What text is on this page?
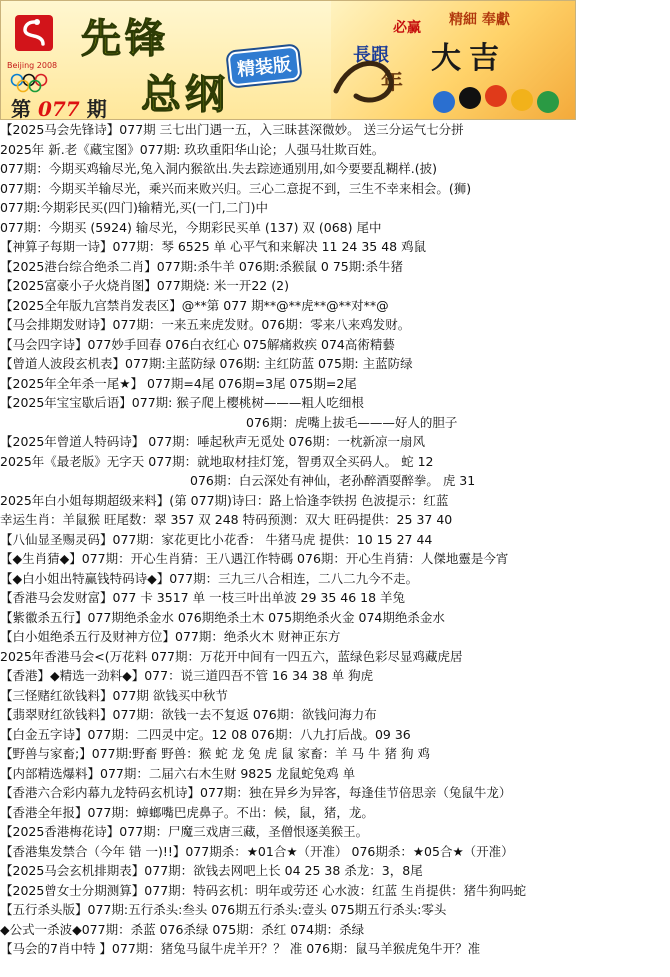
Beijing 2008
先锋
总纲
精装版
第 077 期
必赢 精細 奉獻
長跟 大吉
年
【2025马会先锋诗】077期 三七出门遇一五，入三昧甚深微妙。 送三分运气七分拼
2025年 新.老《藏宝图》077期: 玖玖重阳华山论；人强马壮欺百姓。
077期：今期买鸡输尽光,兔入洞内猴欲出.失去踪迹通别用,如今要要乱糊样.(披)
077期：今期买羊输尽光，乘兴而来败兴归。三心二意捉不到，三生不幸来相会。(狮)
077期:今期彩民买(四门)输精光,买(一门,二门)中
077期：今期买 (5924) 输尽光，今期彩民买单 (137) 双 (068) 尾中
【神算子每期一诗】077期：琴 6525 单 心平气和来解决 11 24 35 48 鸡鼠
【2025港台综合绝杀二肖】077期:杀牛羊 076期:杀猴鼠 0 75期:杀牛猪
【2025富豪小子火烧肖图】077期烧: 米一开22 (2)
【2025全年版九宫禁肖发表区】@**第 077 期**@**虎**@**对**@
【马会排期发财诗】077期：一来五来虎发财。076期：零来八来鸡发财。
【马会四字诗】077妙手回春 076白衣红心 075解痛救疾 074高術精藝
【曾道人波段玄机表】077期:主蓝防绿 076期: 主红防蓝 075期: 主蓝防绿
【2025年全年杀一尾★】 077期=4尾 076期=3尾 075期=2尾
【2025年宝宝歇后语】077期: 猴子爬上樱桃树———粗人吃细根
076期：虎嘴上拔毛———好人的胆子
【2025年曾道人特码诗】 077期：唾起秋声无觅处 076期：一枕新凉一扇风
2025年《最老版》无字天 077期：就地取材挂灯笼，智勇双全买码人。 蛇 12
076期：白云深处有神仙，老孙醉酒耍醉拳。 虎 31
2025年白小姐每期超级来料】(第 077期)诗曰：路上恰逢李铁拐 色波提示：红蓝
幸运生肖：羊鼠猴 旺尾数：翠 357 双 248 特码预测：双大 旺码提供：25 37 40
【八仙显圣赐灵码】077期：家花更比小花香： 牛猪马虎 提供：10 15 27 44
【◆生肖猜◆】077期：开心生肖猜：王八遇江作特碼 076期：开心生肖猜：人傑地靈是今宵
【◆白小姐出特赢钱特码诗◆】077期：三九三八合相连，二八二九今不走。
【香港马会发财富】077 卡 3517 单 一枝三叶出单波 29 35 46 18 羊兔
【紫徽杀五行】077期绝杀金水 076期绝杀土木 075期绝杀火金 074期绝杀金水
【白小姐绝杀五行及财神方位】077期：绝杀火木 财神正东方
2025年香港马会<(万花料 077期：万花开中间有一四五六，蓝绿色彩尽显鸡藏虎居
【香港】◆精选一劲料◆】077：说三道四吾不管 16 34 38 单 狗虎
【三怪赌红欲钱料】077期 欲钱买中秋节
【翡翠财红欲钱料】077期：欲钱一去不复返 076期：欲钱问海力布
【白金五字诗】077期：二四灵中定。12 08 076期：八九打后战。09 36
【野兽与家畜;】077期:野畜 野兽：猴 蛇 龙 兔 虎 鼠 家畜：羊 马 牛 猪 狗 鸡
【内部精选爆料】077期：二届六右木生财 9825 龙鼠蛇兔鸡 单
【香港六合彩内幕九龙特码玄机诗】077期：独在异乡为异客，每逢佳节倍思亲（兔鼠牛龙）
【香港全年报】077期：蟑螂嘴巴虎鼻子。不出：候，鼠，猪，龙。
【2025香港梅花诗】077期：尸魔三戏唐三藏，圣僧恨逐美猴王。
【香港集发禁合（今年 错 一)!!】077期杀：★01合★（开准） 076期杀：★05合★（开准）
【2025马会玄机排期表】077期：欲钱去网吧上长 04 25 38 杀龙：3，8尾
【2025曾女士分期测算】077期：特码玄机：明年或劳还 心水波：红蓝 生肖提供：猪牛狗吗蛇
【五行杀头版】077期:五行杀头:叁头 076期五行杀头:壹头 075期五行杀头:零头
◆公式一杀波◆077期：杀蓝 076杀绿 075期：杀红 074期：杀绿
【马会的7肖中特 】077期：猪兔马鼠牛虎羊开？？ 准 076期：鼠马羊猴虎兔牛开？准
